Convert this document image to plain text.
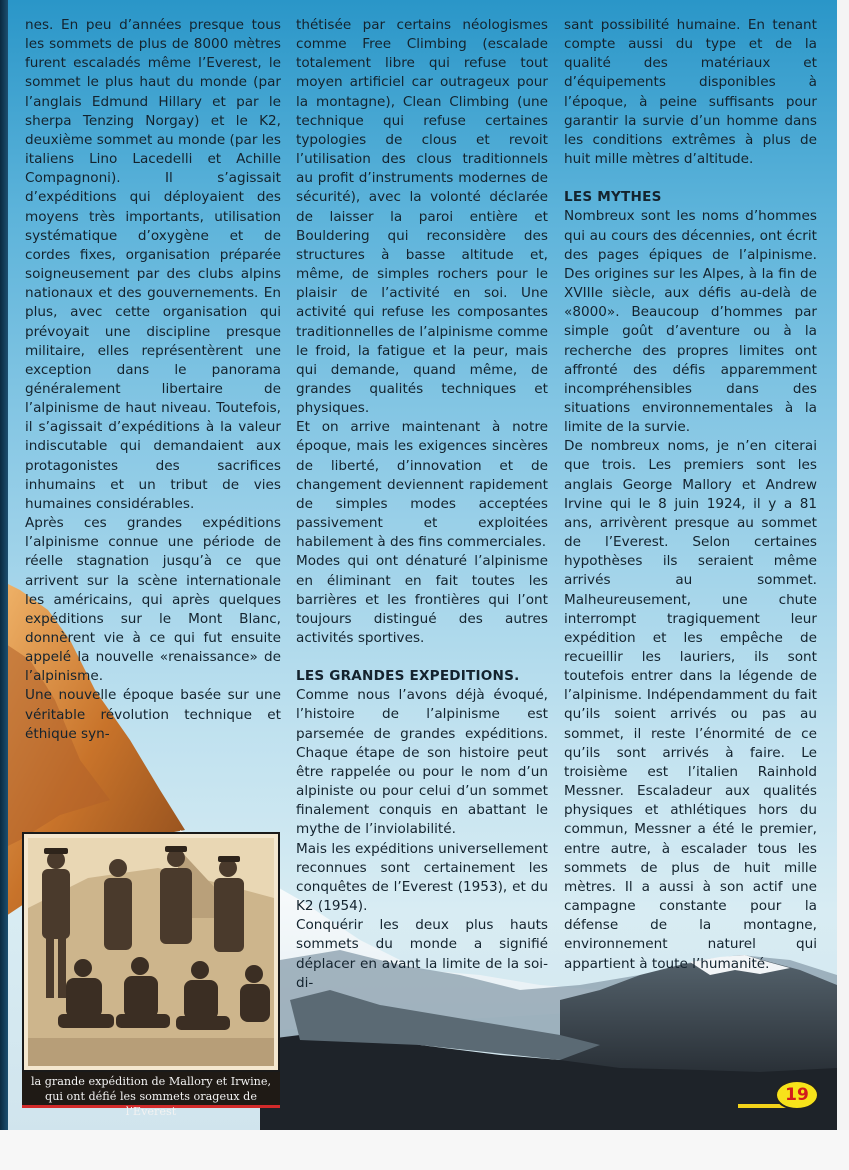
nes. En peu d’années presque tous les sommets de plus de 8000 mètres furent escaladés même l’Everest, le sommet le plus haut du monde (par l’anglais Edmund Hillary et par le sherpa Tenzing Norgay) et le K2, deuxième sommet au monde (par les italiens Lino Lacedelli et Achille Compagnoni). Il s’agissait d’expéditions qui déployaient des moyens très importants, utilisation systématique d’oxygène et de cordes fixes, organisation préparée soigneusement par des clubs alpins nationaux et des gouvernements. En plus, avec cette organisation qui prévoyait une discipline presque militaire, elles représentèrent une exception dans le panorama généralement libertaire de l’alpinisme de haut niveau. Toutefois, il s’agissait d’expéditions à la valeur indiscutable qui demandaient aux protagonistes des sacrifices inhumains et un tribut de vies humaines considérables.

Après ces grandes expéditions l’alpinisme connue une période de réelle stagnation jusqu’à ce que arrivent sur la scène internationale les américains, qui après quelques expéditions sur le Mont Blanc, donnèrent vie à ce qui fut ensuite appelé la nouvelle «renaissance» de l’alpinisme.

Une nouvelle époque basée sur une véritable révolution technique et éthique syn-

thétisée par certains néologismes comme Free Climbing (escalade totalement libre qui refuse tout moyen artificiel car outrageux pour la montagne), Clean Climbing (une technique qui refuse certaines typologies de clous et revoit l’utilisation des clous traditionnels au profit d’instruments modernes de sécurité), avec la volonté déclarée de laisser la paroi entière et Bouldering qui reconsidère des structures à basse altitude et, même, de simples rochers pour le plaisir de l’activité en soi. Une activité qui refuse les composantes traditionnelles de l’alpinisme comme le froid, la fatigue et la peur, mais qui demande, quand même, de grandes qualités techniques et physiques.

Et on arrive maintenant à notre époque, mais les exigences sincères de liberté, d’innovation et de changement deviennent rapidement de simples modes acceptées passivement et exploitées habilement à des fins commerciales.

Modes qui ont dénaturé l’alpinisme en éliminant en fait toutes les barrières et les frontières qui l’ont toujours distingué des autres activités sportives.

LES GRANDES EXPEDITIONS.

Comme nous l’avons déjà évoqué, l’histoire de l’alpinisme est parsemée de grandes expéditions. Chaque étape de son histoire peut être rappelée ou pour le nom d’un alpiniste ou pour celui d’un sommet finalement conquis en abattant le mythe de l’inviolabilité.

Mais les expéditions universellement reconnues sont certainement les conquêtes de l’Everest (1953), et du K2 (1954).

Conquérir les deux plus hauts sommets du monde a signifié déplacer en avant la limite de la soi-di-

sant possibilité humaine. En tenant compte aussi du type et de la qualité des matériaux et d’équipements disponibles à l’époque, à peine suffisants pour garantir la survie d’un homme dans les conditions extrêmes à plus de huit mille mètres d’altitude.

LES MYTHES

Nombreux sont les noms d’hommes qui au cours des décennies, ont écrit des pages épiques de l’alpinisme. Des origines sur les Alpes, à la fin de XVIIIe siècle, aux défis au-delà de «8000». Beaucoup d’hommes par simple goût d’aventure ou à la recherche des propres limites ont affronté des défis apparemment incompréhensibles dans des situations environnementales à la limite de la survie.

De nombreux noms, je n’en citerai que trois. Les premiers sont les anglais George Mallory et Andrew Irvine qui le 8 juin 1924, il y a 81 ans, arrivèrent presque au sommet de l’Everest. Selon certaines hypothèses ils seraient même arrivés au sommet. Malheureusement, une chute interrompt tragiquement leur expédition et les empêche de recueillir les lauriers, ils sont toutefois entrer dans la légende de l’alpinisme. Indépendamment du fait qu’ils soient arrivés ou pas au sommet, il reste l’énormité de ce qu’ils sont arrivés à faire. Le troisième est l’italien Rainhold Messner. Escaladeur aux qualités physiques et athlétiques hors du commun, Messner a été le premier, entre autre, à escalader tous les sommets de plus de huit mille mètres. Il a aussi à son actif une campagne constante pour la défense de la montagne, environnement naturel qui appartient à toute l’humanité.

la grande expédition de Mallory et Irwine, qui ont défié les sommets orageux de l’Everest
19
